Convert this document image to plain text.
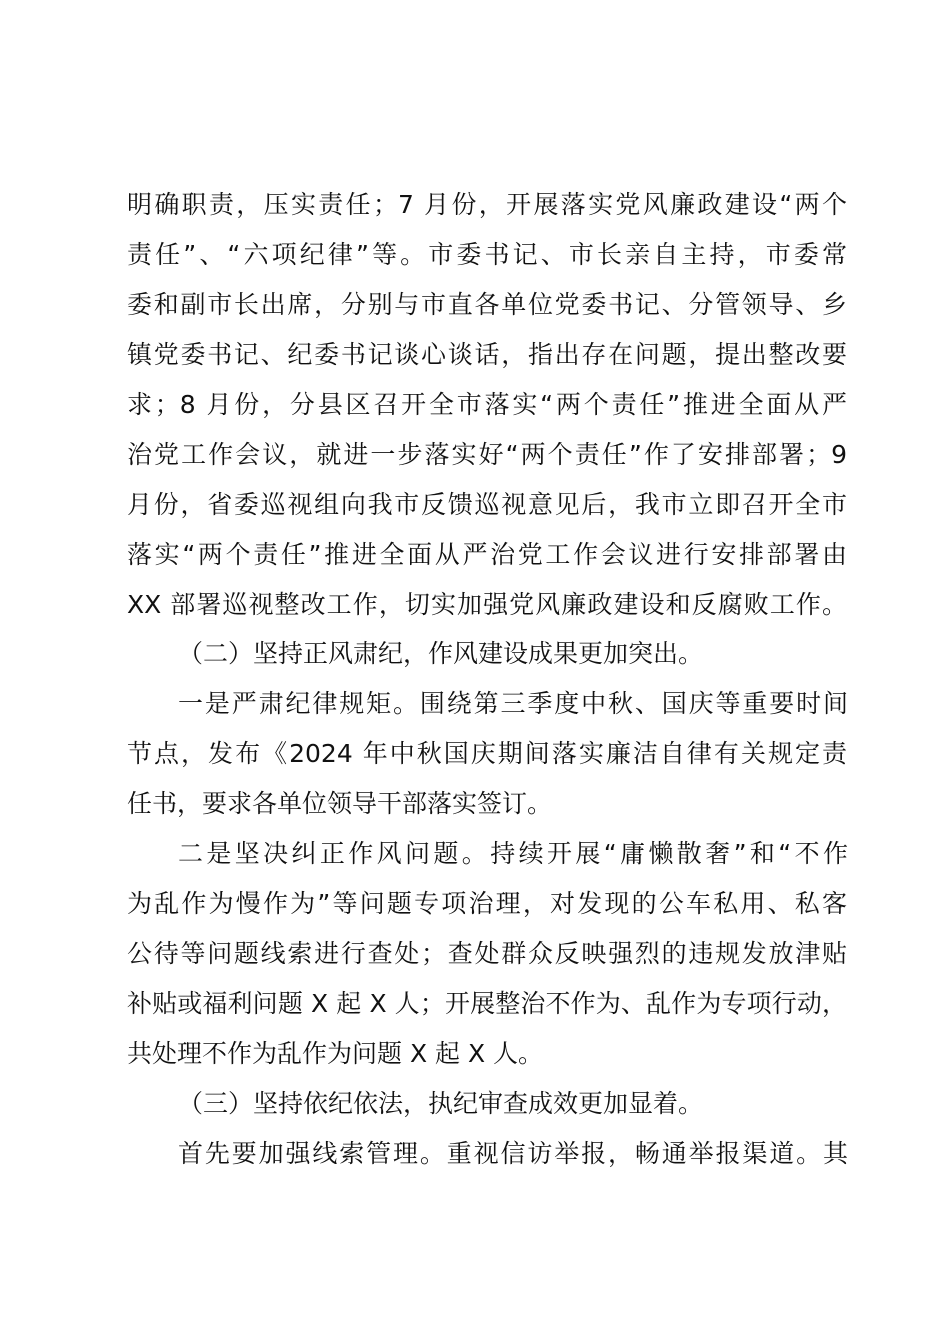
明确职责，压实责任；7 月份，开展落实党风廉政建设“两个
责任”、“六项纪律”等。市委书记、市长亲自主持，市委常
委和副市长出席，分别与市直各单位党委书记、分管领导、乡
镇党委书记、纪委书记谈心谈话，指出存在问题，提出整改要
求；8 月份，分县区召开全市落实“两个责任”推进全面从严
治党工作会议，就进一步落实好“两个责任”作了安排部署；9
月份，省委巡视组向我市反馈巡视意见后，我市立即召开全市
落实“两个责任”推进全面从严治党工作会议进行安排部署由
XX 部署巡视整改工作，切实加强党风廉政建设和反腐败工作。
（二）坚持正风肃纪，作风建设成果更加突出。
一是严肃纪律规矩。围绕第三季度中秋、国庆等重要时间
节点，发布《2024 年中秋国庆期间落实廉洁自律有关规定责
任书，要求各单位领导干部落实签订。
二是坚决纠正作风问题。持续开展“庸懒散奢”和“不作
为乱作为慢作为”等问题专项治理，对发现的公车私用、私客
公待等问题线索进行查处；查处群众反映强烈的违规发放津贴
补贴或福利问题 X 起 X 人；开展整治不作为、乱作为专项行动，
共处理不作为乱作为问题 X 起 X 人。
（三）坚持依纪依法，执纪审查成效更加显着。
首先要加强线索管理。重视信访举报，畅通举报渠道。其
